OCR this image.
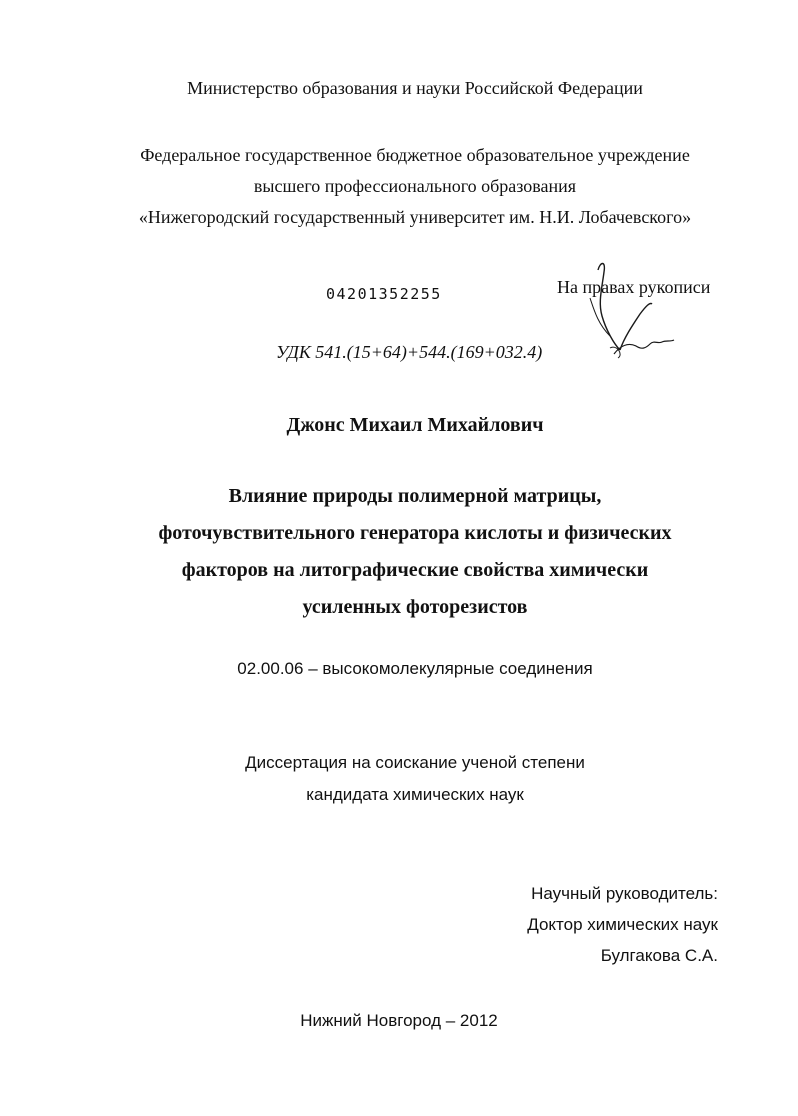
Министерство образования и науки Российской Федерации
Федеральное государственное бюджетное образовательное учреждение
высшего профессионального образования
«Нижегородский государственный университет им. Н.И. Лобачевского»
04201352255	На правах рукописи
УДК 541.(15+64)+544.(169+032.4)
Джонс Михаил Михайлович
Влияние природы полимерной матрицы,
фоточувствительного генератора кислоты и физических
факторов на литографические свойства химически
усиленных фоторезистов
02.00.06 – высокомолекулярные соединения
Диссертация на соискание ученой степени
кандидата химических наук
Научный руководитель:
Доктор химических наук
Булгакова С.А.
Нижний Новгород – 2012
